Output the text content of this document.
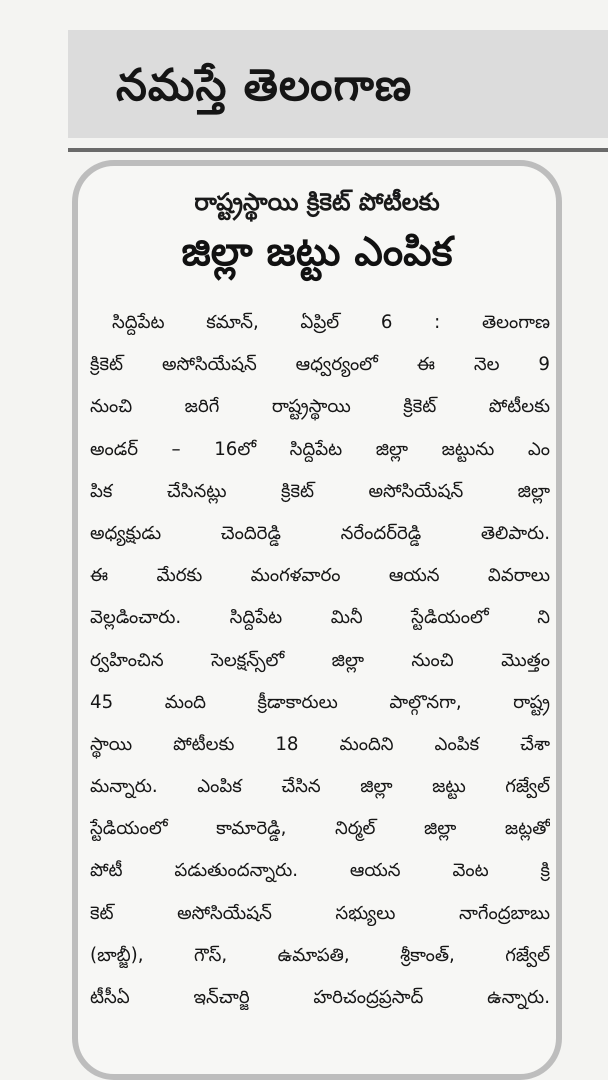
నమస్తే తెలంగాణ
రాష్ట్రస్థాయి క్రికెట్ పోటీలకు
జిల్లా జట్టు ఎంపిక
సిద్దిపేట కమాన్, ఏప్రిల్ 6 : తెలంగాణ
క్రికెట్ అసోసియేషన్ ఆధ్వర్యంలో ఈ నెల 9
నుంచి జరిగే రాష్ట్రస్థాయి క్రికెట్ పోటీలకు
అండర్ – 16లో సిద్దిపేట జిల్లా జట్టును ఎం
పిక చేసినట్లు క్రికెట్ అసోసియేషన్ జిల్లా
అధ్యక్షుడు చెందిరెడ్డి నరేందర్‌రెడ్డి తెలిపారు.
ఈ మేరకు మంగళవారం ఆయన వివరాలు
వెల్లడించారు. సిద్దిపేట మినీ స్టేడియంలో ని
ర్వహించిన సెలక్షన్స్‌లో జిల్లా నుంచి మొత్తం
45 మంది క్రీడాకారులు పాల్గొనగా, రాష్ట్ర
స్థాయి పోటీలకు 18 మందిని ఎంపిక చేశా
మన్నారు. ఎంపిక చేసిన జిల్లా జట్టు గజ్వేల్
స్టేడియంలో కామారెడ్డి, నిర్మల్ జిల్లా జట్లతో
పోటీ పడుతుందన్నారు. ఆయన వెంట క్రి
కెట్ అసోసియేషన్ సభ్యులు నాగేంద్రబాబు
(బాబ్జీ), గౌస్, ఉమాపతి, శ్రీకాంత్, గజ్వేల్
టీసీఏ ఇన్‌చార్జి హరిచంద్రప్రసాద్ ఉన్నారు.
